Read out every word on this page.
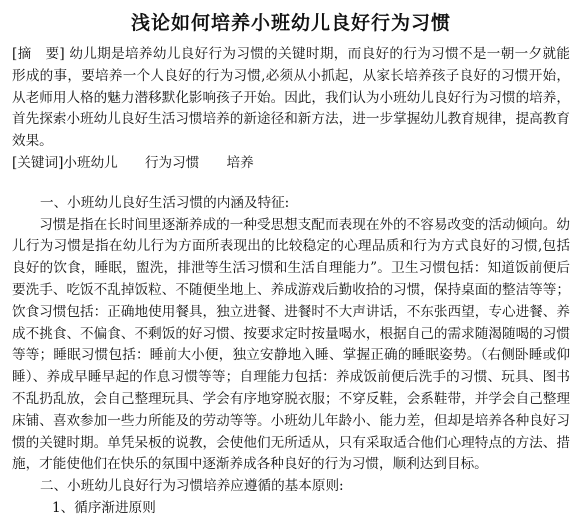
浅论如何培养小班幼儿良好行为习惯

[摘　要] 幼儿期是培养幼儿良好行为习惯的关键时期，而良好的行为习惯不是一朝一夕就能形成的事，要培养一个人良好的行为习惯,必须从小抓起，从家长培养孩子良好的习惯开始，从老师用人格的魅力潜移默化影响孩子开始。因此，我们认为小班幼儿良好行为习惯的培养，首先探索小班幼儿良好生活习惯培养的新途径和新方法，进一步掌握幼儿教育规律，提高教育效果。

[关键词]小班幼儿　　行为习惯　　培养

一、小班幼儿良好生活习惯的内涵及特征:

习惯是指在长时间里逐渐养成的一种受思想支配而表现在外的不容易改变的活动倾向。幼儿行为习惯是指在幼儿行为方面所表现出的比较稳定的心理品质和行为方式良好的习惯,包括良好的饮食，睡眠，盥洗，排泄等生活习惯和生活自理能力”。卫生习惯包括：知道饭前便后要洗手、吃饭不乱掉饭粒、不随便坐地上、养成游戏后勤收拾的习惯，保持桌面的整洁等等；饮食习惯包括：正确地使用餐具，独立进餐、进餐时不大声讲话，不东张西望，专心进餐、养成不挑食、不偏食、不剩饭的好习惯、按要求定时按量喝水，根据自己的需求随渴随喝的习惯等等；睡眠习惯包括：睡前大小便，独立安静地入睡、掌握正确的睡眠姿势。（右侧卧睡或仰睡）、养成早睡早起的作息习惯等等；自理能力包括：养成饭前便后洗手的习惯、玩具、图书不乱扔乱放，会自己整理玩具、学会有序地穿脱衣服；不穿反鞋，会系鞋带，并学会自己整理床铺、喜欢参加一些力所能及的劳动等等。小班幼儿年龄小、能力差，但却是培养各种良好习惯的关键时期。单凭呆板的说教，会使他们无所适从，只有采取适合他们心理特点的方法、措施，才能使他们在快乐的氛围中逐渐养成各种良好的行为习惯，顺利达到目标。

二、小班幼儿良好行为习惯培养应遵循的基本原则:

1、循序渐进原则
